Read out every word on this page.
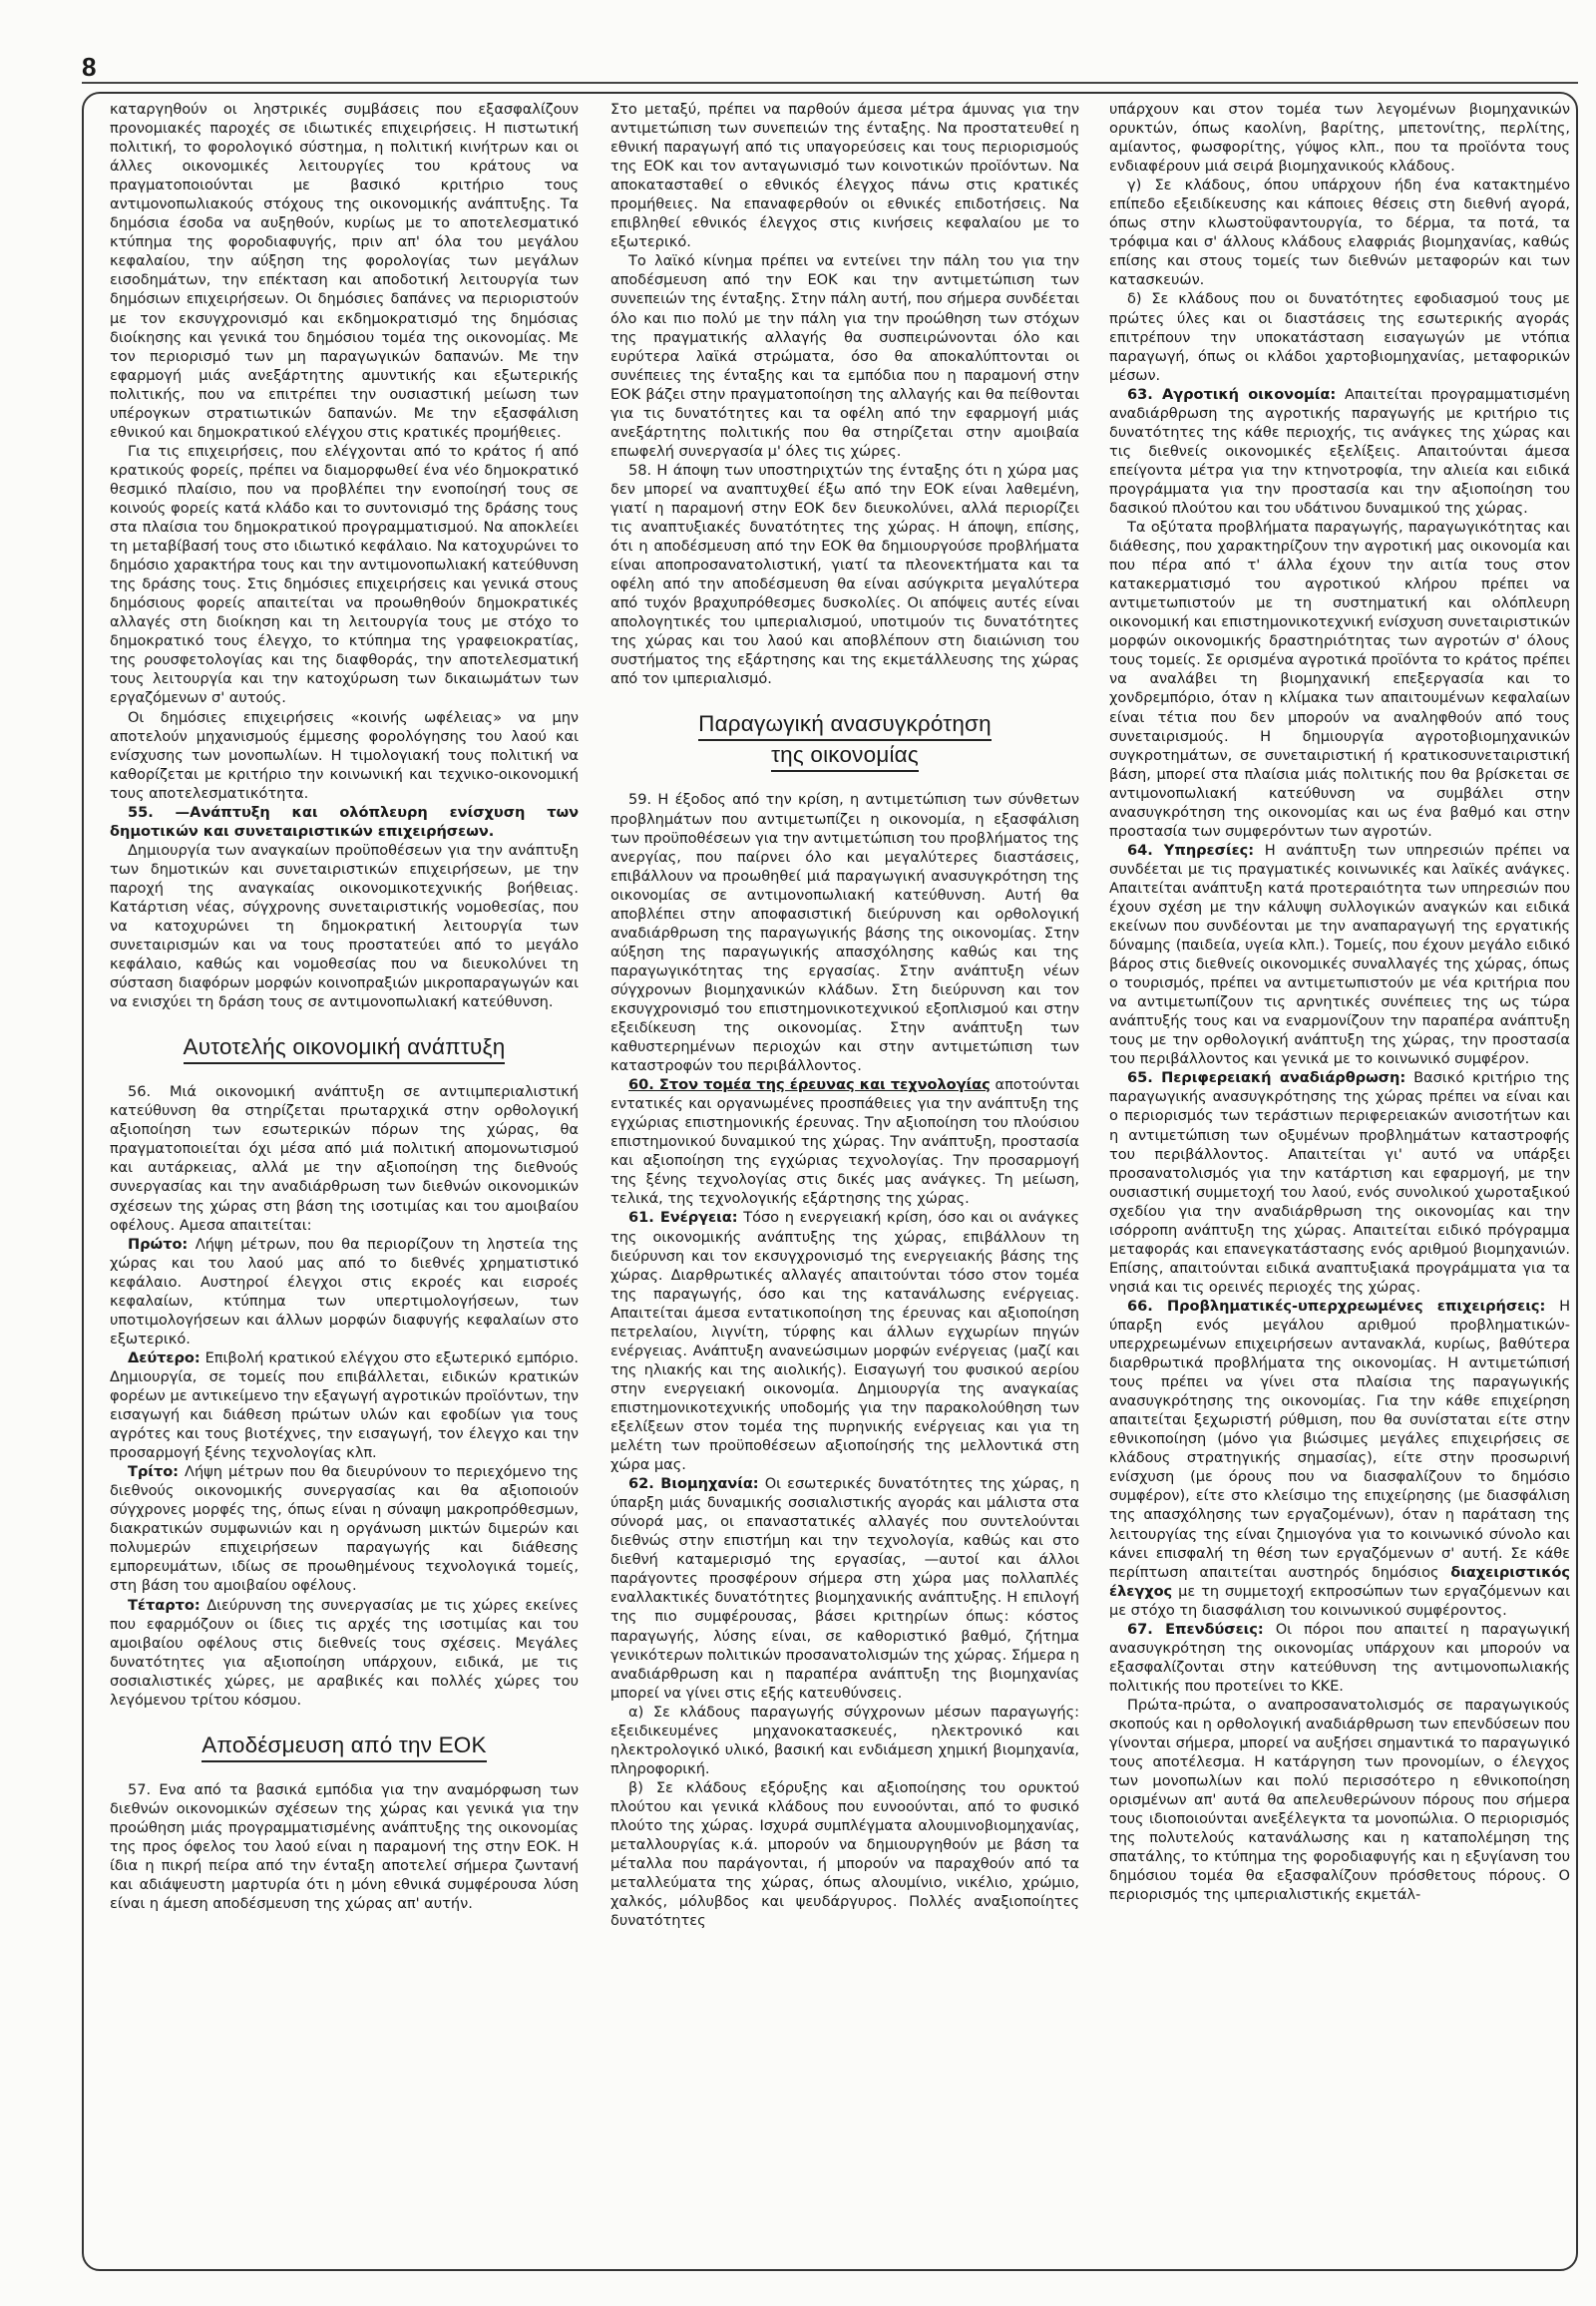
8

καταργηθούν οι ληστρικές συμβάσεις που εξασφαλίζουν προνομιακές παροχές σε ιδιωτικές επιχειρήσεις. Η πιστωτική πολιτική, το φορολογικό σύστημα, η πολιτική κινήτρων και οι άλλες οικονομικές λειτουργίες του κράτους να πραγματοποιούνται με βασικό κριτήριο τους αντιμονοπωλιακούς στόχους της οικονομικής ανάπτυξης. Τα δημόσια έσοδα να αυξηθούν, κυρίως με το αποτελεσματικό κτύπημα της φοροδιαφυγής, πριν απ' όλα του μεγάλου κεφαλαίου, την αύξηση της φορολογίας των μεγάλων εισοδημάτων, την επέκταση και αποδοτική λειτουργία των δημόσιων επιχειρήσεων. Οι δημόσιες δαπάνες να περιοριστούν με τον εκσυγχρονισμό και εκδημοκρατισμό της δημόσιας διοίκησης και γενικά του δημόσιου τομέα της οικονομίας. Με τον περιορισμό των μη παραγωγικών δαπανών. Με την εφαρμογή μιάς ανεξάρτητης αμυντικής και εξωτερικής πολιτικής, που να επιτρέπει την ουσιαστική μείωση των υπέρογκων στρατιωτικών δαπανών. Με την εξασφάλιση εθνικού και δημοκρατικού ελέγχου στις κρατικές προμήθειες.

Για τις επιχειρήσεις, που ελέγχονται από το κράτος ή από κρατικούς φορείς, πρέπει να διαμορφωθεί ένα νέο δημοκρατικό θεσμικό πλαίσιο, που να προβλέπει την ενοποίησή τους σε κοινούς φορείς κατά κλάδο και το συντονισμό της δράσης τους στα πλαίσια του δημοκρατικού προγραμματισμού. Να αποκλείει τη μεταβίβασή τους στο ιδιωτικό κεφάλαιο. Να κατοχυρώνει το δημόσιο χαρακτήρα τους και την αντιμονοπωλιακή κατεύθυνση της δράσης τους. Στις δημόσιες επιχειρήσεις και γενικά στους δημόσιους φορείς απαιτείται να προωθηθούν δημοκρατικές αλλαγές στη διοίκηση και τη λειτουργία τους με στόχο το δημοκρατικό τους έλεγχο, το κτύπημα της γραφειοκρατίας, της ρουσφετολογίας και της διαφθοράς, την αποτελεσματική τους λειτουργία και την κατοχύρωση των δικαιωμάτων των εργαζόμενων σ' αυτούς.

Οι δημόσιες επιχειρήσεις «κοινής ωφέλειας» να μην αποτελούν μηχανισμούς έμμεσης φορολόγησης του λαού και ενίσχυσης των μονοπωλίων. Η τιμολογιακή τους πολιτική να καθορίζεται με κριτήριο την κοινωνική και τεχνικο-οικονομική τους αποτελεσματικότητα.

55. —Ανάπτυξη και ολόπλευρη ενίσχυση των δημοτικών και συνεταιριστικών επιχειρήσεων.

Δημιουργία των αναγκαίων προϋποθέσεων για την ανάπτυξη των δημοτικών και συνεταιριστικών επιχειρήσεων, με την παροχή της αναγκαίας οικονομικοτεχνικής βοήθειας. Κατάρτιση νέας, σύγχρονης συνεταιριστικής νομοθεσίας, που να κατοχυρώνει τη δημοκρατική λειτουργία των συνεταιρισμών και να τους προστατεύει από το μεγάλο κεφάλαιο, καθώς και νομοθεσίας που να διευκολύνει τη σύσταση διαφόρων μορφών κοινοπραξιών μικροπαραγωγών και να ενισχύει τη δράση τους σε αντιμονοπωλιακή κατεύθυνση.

Αυτοτελής οικονομική ανάπτυξη

56. Μιά οικονομική ανάπτυξη σε αντιιμπεριαλιστική κατεύθυνση θα στηρίζεται πρωταρχικά στην ορθολογική αξιοποίηση των εσωτερικών πόρων της χώρας, θα πραγματοποιείται όχι μέσα από μιά πολιτική απομονωτισμού και αυτάρκειας, αλλά με την αξιοποίηση της διεθνούς συνεργασίας και την αναδιάρθρωση των διεθνών οικονομικών σχέσεων της χώρας στη βάση της ισοτιμίας και του αμοιβαίου οφέλους. Αμεσα απαιτείται:

Πρώτο: Λήψη μέτρων, που θα περιορίζουν τη ληστεία της χώρας και του λαού μας από το διεθνές χρηματιστικό κεφάλαιο. Αυστηροί έλεγχοι στις εκροές και εισροές κεφαλαίων, κτύπημα των υπερτιμολογήσεων, των υποτιμολογήσεων και άλλων μορφών διαφυγής κεφαλαίων στο εξωτερικό.

Δεύτερο: Επιβολή κρατικού ελέγχου στο εξωτερικό εμπόριο. Δημιουργία, σε τομείς που επιβάλλεται, ειδικών κρατικών φορέων με αντικείμενο την εξαγωγή αγροτικών προϊόντων, την εισαγωγή και διάθεση πρώτων υλών και εφοδίων για τους αγρότες και τους βιοτέχνες, την εισαγωγή, τον έλεγχο και την προσαρμογή ξένης τεχνολογίας κλπ.

Τρίτο: Λήψη μέτρων που θα διευρύνουν το περιεχόμενο της διεθνούς οικονομικής συνεργασίας και θα αξιοποιούν σύγχρονες μορφές της, όπως είναι η σύναψη μακροπρόθεσμων, διακρατικών συμφωνιών και η οργάνωση μικτών διμερών και πολυμερών επιχειρήσεων παραγωγής και διάθεσης εμπορευμάτων, ιδίως σε προωθημένους τεχνολογικά τομείς, στη βάση του αμοιβαίου οφέλους.

Τέταρτο: Διεύρυνση της συνεργασίας με τις χώρες εκείνες που εφαρμόζουν οι ίδιες τις αρχές της ισοτιμίας και του αμοιβαίου οφέλους στις διεθνείς τους σχέσεις. Μεγάλες δυνατότητες για αξιοποίηση υπάρχουν, ειδικά, με τις σοσιαλιστικές χώρες, με αραβικές και πολλές χώρες του λεγόμενου τρίτου κόσμου.

Αποδέσμευση από την ΕΟΚ

57. Ενα από τα βασικά εμπόδια για την αναμόρφωση των διεθνών οικονομικών σχέσεων της χώρας και γενικά για την προώθηση μιάς προγραμματισμένης ανάπτυξης της οικονομίας της προς όφελος του λαού είναι η παραμονή της στην ΕΟΚ. Η ίδια η πικρή πείρα από την ένταξη αποτελεί σήμερα ζωντανή και αδιάψευστη μαρτυρία ότι η μόνη εθνικά συμφέρουσα λύση είναι η άμεση αποδέσμευση της χώρας απ' αυτήν.

Στο μεταξύ, πρέπει να παρθούν άμεσα μέτρα άμυνας για την αντιμετώπιση των συνεπειών της ένταξης. Να προστατευθεί η εθνική παραγωγή από τις υπαγορεύσεις και τους περιορισμούς της ΕΟΚ και τον ανταγωνισμό των κοινοτικών προϊόντων. Να αποκατασταθεί ο εθνικός έλεγχος πάνω στις κρατικές προμήθειες. Να επαναφερθούν οι εθνικές επιδοτήσεις. Να επιβληθεί εθνικός έλεγχος στις κινήσεις κεφαλαίου με το εξωτερικό.

Το λαϊκό κίνημα πρέπει να εντείνει την πάλη του για την αποδέσμευση από την ΕΟΚ και την αντιμετώπιση των συνεπειών της ένταξης. Στην πάλη αυτή, που σήμερα συνδέεται όλο και πιο πολύ με την πάλη για την προώθηση των στόχων της πραγματικής αλλαγής θα συσπειρώνονται όλο και ευρύτερα λαϊκά στρώματα, όσο θα αποκαλύπτονται οι συνέπειες της ένταξης και τα εμπόδια που η παραμονή στην ΕΟΚ βάζει στην πραγματοποίηση της αλλαγής και θα πείθονται για τις δυνατότητες και τα οφέλη από την εφαρμογή μιάς ανεξάρτητης πολιτικής που θα στηρίζεται στην αμοιβαία επωφελή συνεργασία μ' όλες τις χώρες.

58. Η άποψη των υποστηριχτών της ένταξης ότι η χώρα μας δεν μπορεί να αναπτυχθεί έξω από την ΕΟΚ είναι λαθεμένη, γιατί η παραμονή στην ΕΟΚ δεν διευκολύνει, αλλά περιορίζει τις αναπτυξιακές δυνατότητες της χώρας. Η άποψη, επίσης, ότι η αποδέσμευση από την ΕΟΚ θα δημιουργούσε προβλήματα είναι αποπροσανατολιστική, γιατί τα πλεονεκτήματα και τα οφέλη από την αποδέσμευση θα είναι ασύγκριτα μεγαλύτερα από τυχόν βραχυπρόθεσμες δυσκολίες. Οι απόψεις αυτές είναι απολογητικές του ιμπεριαλισμού, υποτιμούν τις δυνατότητες της χώρας και του λαού και αποβλέπουν στη διαιώνιση του συστήματος της εξάρτησης και της εκμετάλλευσης της χώρας από τον ιμπεριαλισμό.

Παραγωγική ανασυγκρότηση
της οικονομίας

59. Η έξοδος από την κρίση, η αντιμετώπιση των σύνθετων προβλημάτων που αντιμετωπίζει η οικονομία, η εξασφάλιση των προϋποθέσεων για την αντιμετώπιση του προβλήματος της ανεργίας, που παίρνει όλο και μεγαλύτερες διαστάσεις, επιβάλλουν να προωθηθεί μιά παραγωγική ανασυγκρότηση της οικονομίας σε αντιμονοπωλιακή κατεύθυνση. Αυτή θα αποβλέπει στην αποφασιστική διεύρυνση και ορθολογική αναδιάρθρωση της παραγωγικής βάσης της οικονομίας. Στην αύξηση της παραγωγικής απασχόλησης καθώς και της παραγωγικότητας της εργασίας. Στην ανάπτυξη νέων σύγχρονων βιομηχανικών κλάδων. Στη διεύρυνση και τον εκσυγχρονισμό του επιστημονικοτεχνικού εξοπλισμού και στην εξειδίκευση της οικονομίας. Στην ανάπτυξη των καθυστερημένων περιοχών και στην αντιμετώπιση των καταστροφών του περιβάλλοντος.

60. Στον τομέα της έρευνας και τεχνολογίας αποτούνται εντατικές και οργανωμένες προσπάθειες για την ανάπτυξη της εγχώριας επιστημονικής έρευνας. Την αξιοποίηση του πλούσιου επιστημονικού δυναμικού της χώρας. Την ανάπτυξη, προστασία και αξιοποίηση της εγχώριας τεχνολογίας. Την προσαρμογή της ξένης τεχνολογίας στις δικές μας ανάγκες. Τη μείωση, τελικά, της τεχνολογικής εξάρτησης της χώρας.

61. Ενέργεια: Τόσο η ενεργειακή κρίση, όσο και οι ανάγκες της οικονομικής ανάπτυξης της χώρας, επιβάλλουν τη διεύρυνση και τον εκσυγχρονισμό της ενεργειακής βάσης της χώρας. Διαρθρωτικές αλλαγές απαιτούνται τόσο στον τομέα της παραγωγής, όσο και της κατανάλωσης ενέργειας. Απαιτείται άμεσα εντατικοποίηση της έρευνας και αξιοποίηση πετρελαίου, λιγνίτη, τύρφης και άλλων εγχωρίων πηγών ενέργειας. Ανάπτυξη ανανεώσιμων μορφών ενέργειας (μαζί και της ηλιακής και της αιολικής). Εισαγωγή του φυσικού αερίου στην ενεργειακή οικονομία. Δημιουργία της αναγκαίας επιστημονικοτεχνικής υποδομής για την παρακολούθηση των εξελίξεων στον τομέα της πυρηνικής ενέργειας και για τη μελέτη των προϋποθέσεων αξιοποίησής της μελλοντικά στη χώρα μας.

62. Βιομηχανία: Οι εσωτερικές δυνατότητες της χώρας, η ύπαρξη μιάς δυναμικής σοσιαλιστικής αγοράς και μάλιστα στα σύνορά μας, οι επαναστατικές αλλαγές που συντελούνται διεθνώς στην επιστήμη και την τεχνολογία, καθώς και στο διεθνή καταμερισμό της εργασίας, —αυτοί και άλλοι παράγοντες προσφέρουν σήμερα στη χώρα μας πολλαπλές εναλλακτικές δυνατότητες βιομηχανικής ανάπτυξης. Η επιλογή της πιο συμφέρουσας, βάσει κριτηρίων όπως: κόστος παραγωγής, λύσης είναι, σε καθοριστικό βαθμό, ζήτημα γενικότερων πολιτικών προσανατολισμών της χώρας. Σήμερα η αναδιάρθρωση και η παραπέρα ανάπτυξη της βιομηχανίας μπορεί να γίνει στις εξής κατευθύνσεις.

α) Σε κλάδους παραγωγής σύγχρονων μέσων παραγωγής: εξειδικευμένες μηχανοκατασκευές, ηλεκτρονικό και ηλεκτρολογικό υλικό, βασική και ενδιάμεση χημική βιομηχανία, πληροφορική.

β) Σε κλάδους εξόρυξης και αξιοποίησης του ορυκτού πλούτου και γενικά κλάδους που ευνοούνται, από το φυσικό πλούτο της χώρας. Ισχυρά συμπλέγματα αλουμινοβιομηχανίας, μεταλλουργίας κ.ά. μπορούν να δημιουργηθούν με βάση τα μέταλλα που παράγονται, ή μπορούν να παραχθούν από τα μεταλλεύματα της χώρας, όπως αλουμίνιο, νικέλιο, χρώμιο, χαλκός, μόλυβδος και ψευδάργυρος. Πολλές αναξιοποίητες δυνατότητες

υπάρχουν και στον τομέα των λεγομένων βιομηχανικών ορυκτών, όπως καολίνη, βαρίτης, μπετονίτης, περλίτης, αμίαντος, φωσφορίτης, γύψος κλπ., που τα προϊόντα τους ενδιαφέρουν μιά σειρά βιομηχανικούς κλάδους.

γ) Σε κλάδους, όπου υπάρχουν ήδη ένα κατακτημένο επίπεδο εξειδίκευσης και κάποιες θέσεις στη διεθνή αγορά, όπως στην κλωστοϋφαντουργία, το δέρμα, τα ποτά, τα τρόφιμα και σ' άλλους κλάδους ελαφριάς βιομηχανίας, καθώς επίσης και στους τομείς των διεθνών μεταφορών και των κατασκευών.

δ) Σε κλάδους που οι δυνατότητες εφοδιασμού τους με πρώτες ύλες και οι διαστάσεις της εσωτερικής αγοράς επιτρέπουν την υποκατάσταση εισαγωγών με ντόπια παραγωγή, όπως οι κλάδοι χαρτοβιομηχανίας, μεταφορικών μέσων.

63. Αγροτική οικονομία: Απαιτείται προγραμματισμένη αναδιάρθρωση της αγροτικής παραγωγής με κριτήριο τις δυνατότητες της κάθε περιοχής, τις ανάγκες της χώρας και τις διεθνείς οικονομικές εξελίξεις. Απαιτούνται άμεσα επείγοντα μέτρα για την κτηνοτροφία, την αλιεία και ειδικά προγράμματα για την προστασία και την αξιοποίηση του δασικού πλούτου και του υδάτινου δυναμικού της χώρας.

Τα οξύτατα προβλήματα παραγωγής, παραγωγικότητας και διάθεσης, που χαρακτηρίζουν την αγροτική μας οικονομία και που πέρα από τ' άλλα έχουν την αιτία τους στον κατακερματισμό του αγροτικού κλήρου πρέπει να αντιμετωπιστούν με τη συστηματική και ολόπλευρη οικονομική και επιστημονικοτεχνική ενίσχυση συνεταιριστικών μορφών οικονομικής δραστηριότητας των αγροτών σ' όλους τους τομείς. Σε ορισμένα αγροτικά προϊόντα το κράτος πρέπει να αναλάβει τη βιομηχανική επεξεργασία και το χονδρεμπόριο, όταν η κλίμακα των απαιτουμένων κεφαλαίων είναι τέτια που δεν μπορούν να αναληφθούν από τους συνεταιρισμούς. Η δημιουργία αγροτοβιομηχανικών συγκροτημάτων, σε συνεταιριστική ή κρατικοσυνεταιριστική βάση, μπορεί στα πλαίσια μιάς πολιτικής που θα βρίσκεται σε αντιμονοπωλιακή κατεύθυνση να συμβάλει στην ανασυγκρότηση της οικονομίας και ως ένα βαθμό και στην προστασία των συμφερόντων των αγροτών.

64. Υπηρεσίες: Η ανάπτυξη των υπηρεσιών πρέπει να συνδέεται με τις πραγματικές κοινωνικές και λαϊκές ανάγκες. Απαιτείται ανάπτυξη κατά προτεραιότητα των υπηρεσιών που έχουν σχέση με την κάλυψη συλλογικών αναγκών και ειδικά εκείνων που συνδέονται με την αναπαραγωγή της εργατικής δύναμης (παιδεία, υγεία κλπ.). Τομείς, που έχουν μεγάλο ειδικό βάρος στις διεθνείς οικονομικές συναλλαγές της χώρας, όπως ο τουρισμός, πρέπει να αντιμετωπιστούν με νέα κριτήρια που να αντιμετωπίζουν τις αρνητικές συνέπειες της ως τώρα ανάπτυξής τους και να εναρμονίζουν την παραπέρα ανάπτυξη τους με την ορθολογική ανάπτυξη της χώρας, την προστασία του περιβάλλοντος και γενικά με το κοινωνικό συμφέρον.

65. Περιφερειακή αναδιάρθρωση: Βασικό κριτήριο της παραγωγικής ανασυγκρότησης της χώρας πρέπει να είναι και ο περιορισμός των τεράστιων περιφερειακών ανισοτήτων και η αντιμετώπιση των οξυμένων προβλημάτων καταστροφής του περιβάλλοντος. Απαιτείται γι' αυτό να υπάρξει προσανατολισμός για την κατάρτιση και εφαρμογή, με την ουσιαστική συμμετοχή του λαού, ενός συνολικού χωροταξικού σχεδίου για την αναδιάρθρωση της οικονομίας και την ισόρροπη ανάπτυξη της χώρας. Απαιτείται ειδικό πρόγραμμα μεταφοράς και επανεγκατάστασης ενός αριθμού βιομηχανιών. Επίσης, απαιτούνται ειδικά αναπτυξιακά προγράμματα για τα νησιά και τις ορεινές περιοχές της χώρας.

66. Προβληματικές-υπερχρεωμένες επιχειρήσεις: Η ύπαρξη ενός μεγάλου αριθμού προβληματικών-υπερχρεωμένων επιχειρήσεων αντανακλά, κυρίως, βαθύτερα διαρθρωτικά προβλήματα της οικονομίας. Η αντιμετώπισή τους πρέπει να γίνει στα πλαίσια της παραγωγικής ανασυγκρότησης της οικονομίας. Για την κάθε επιχείρηση απαιτείται ξεχωριστή ρύθμιση, που θα συνίσταται είτε στην εθνικοποίηση (μόνο για βιώσιμες μεγάλες επιχειρήσεις σε κλάδους στρατηγικής σημασίας), είτε στην προσωρινή ενίσχυση (με όρους που να διασφαλίζουν το δημόσιο συμφέρον), είτε στο κλείσιμο της επιχείρησης (με διασφάλιση της απασχόλησης των εργαζομένων), όταν η παράταση της λειτουργίας της είναι ζημιογόνα για το κοινωνικό σύνολο και κάνει επισφαλή τη θέση των εργαζόμενων σ' αυτή. Σε κάθε περίπτωση απαιτείται αυστηρός δημόσιος διαχειριστικός έλεγχος με τη συμμετοχή εκπροσώπων των εργαζόμενων και με στόχο τη διασφάλιση του κοινωνικού συμφέροντος.

67. Επενδύσεις: Οι πόροι που απαιτεί η παραγωγική ανασυγκρότηση της οικονομίας υπάρχουν και μπορούν να εξασφαλίζονται στην κατεύθυνση της αντιμονοπωλιακής πολιτικής που προτείνει το ΚΚΕ.

Πρώτα-πρώτα, ο αναπροσανατολισμός σε παραγωγικούς σκοπούς και η ορθολογική αναδιάρθρωση των επενδύσεων που γίνονται σήμερα, μπορεί να αυξήσει σημαντικά το παραγωγικό τους αποτέλεσμα. Η κατάργηση των προνομίων, ο έλεγχος των μονοπωλίων και πολύ περισσότερο η εθνικοποίηση ορισμένων απ' αυτά θα απελευθερώνουν πόρους που σήμερα τους ιδιοποιούνται ανεξέλεγκτα τα μονοπώλια. Ο περιορισμός της πολυτελούς κατανάλωσης και η καταπολέμηση της σπατάλης, το κτύπημα της φοροδιαφυγής και η εξυγίανση του δημόσιου τομέα θα εξασφαλίζουν πρόσθετους πόρους. Ο περιορισμός της ιμπεριαλιστικής εκμετάλ-
